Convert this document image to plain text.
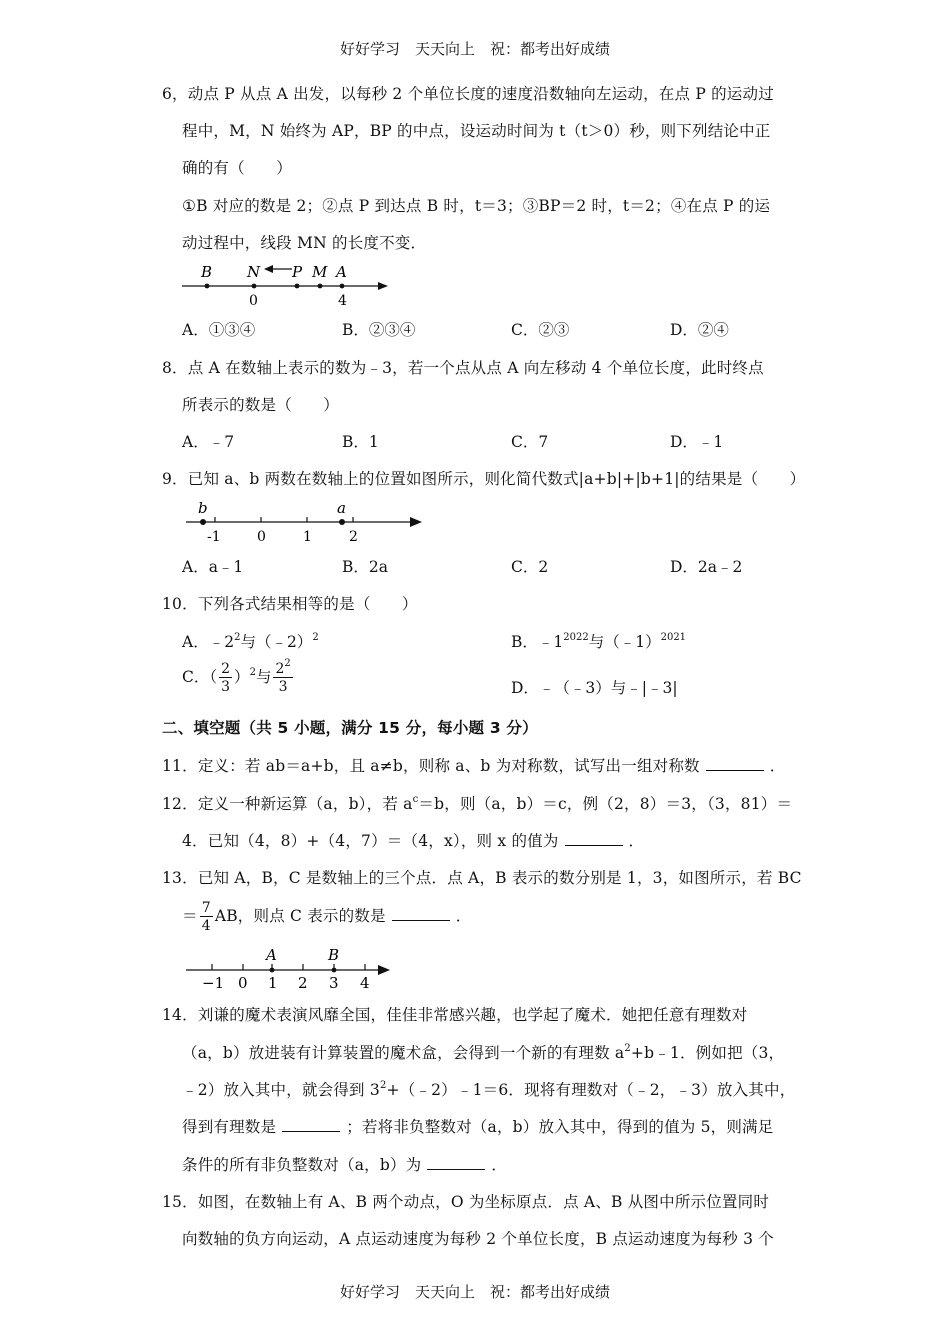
好好学习　天天向上　祝：都考出好成绩
6，动点 P 从点 A 出发，以每秒 2 个单位长度的速度沿数轴向左运动，在点 P 的运动过
程中，M，N 始终为 AP，BP 的中点，设运动时间为 t（t＞0）秒，则下列结论中正
确的有（　　）
①B 对应的数是 2；②点 P 到达点 B 时，t＝3；③BP＝2 时，t＝2；④在点 P 的运
动过程中，线段 MN 的长度不变．
B N P M A
0	4
A．①③④	B．②③④	C．②③	D．②④
8．点 A 在数轴上表示的数为﹣3，若一个点从点 A 向左移动 4 个单位长度，此时终点
所表示的数是（　　）
A．﹣7	B．1	C．7	D．﹣1
9．已知 a、b 两数在数轴上的位置如图所示，则化简代数式|a+b|+|b+1|的结果是（　　）
b	a
-1	0	1	2
A．a﹣1	B．2a	C．2	D．2a﹣2
10．下列各式结果相等的是（　　）
A．$﹣2^2$与（﹣2）$^2$	B．$﹣1^{2022}$与（﹣1）$^{2021}$
C．（ $\frac{2}{3} )^2$与 $\frac{2^2}{3}$	D．﹣（﹣3）与﹣|﹣3|
二、填空题（共 5 小题，满分 15 分，每小题 3 分）
11．定义：若 ab＝a+b，且 a≠b，则称 a、b 为对称数，试写出一组对称数	．
12．定义一种新运算（a，b），若 $a^c=b$，则（a，b）＝c，例（2，8）＝3，（3，81）＝
4．已知（4，8）+（4，7）＝（4，x），则 x 的值为	．
13．已知 A，B，C 是数轴上的三个点．点 A，B 表示的数分别是 1，3，如图所示，若 BC
＝ $\frac{7}{4}$ AB，则点 C 表示的数是	．
A	B
−1 0 1 2 3 4
14．刘谦的魔术表演风靡全国，佳佳非常感兴趣，也学起了魔术．她把任意有理数对
（a，b）放进装有计算装置的魔术盒，会得到一个新的有理数 $a^2+b﹣1$．例如把（3，
﹣2）放入其中，就会得到 $3^2+(﹣2)﹣1=6$．现将有理数对（﹣2，﹣3）放入其中，
得到有理数是	；若将非负整数对（a，b）放入其中，得到的值为 5，则满足
条件的所有非负整数对（a，b）为	．
15．如图，在数轴上有 A、B 两个动点，O 为坐标原点．点 A、B 从图中所示位置同时
向数轴的负方向运动，A 点运动速度为每秒 2 个单位长度，B 点运动速度为每秒 3 个
好好学习　天天向上　祝：都考出好成绩
